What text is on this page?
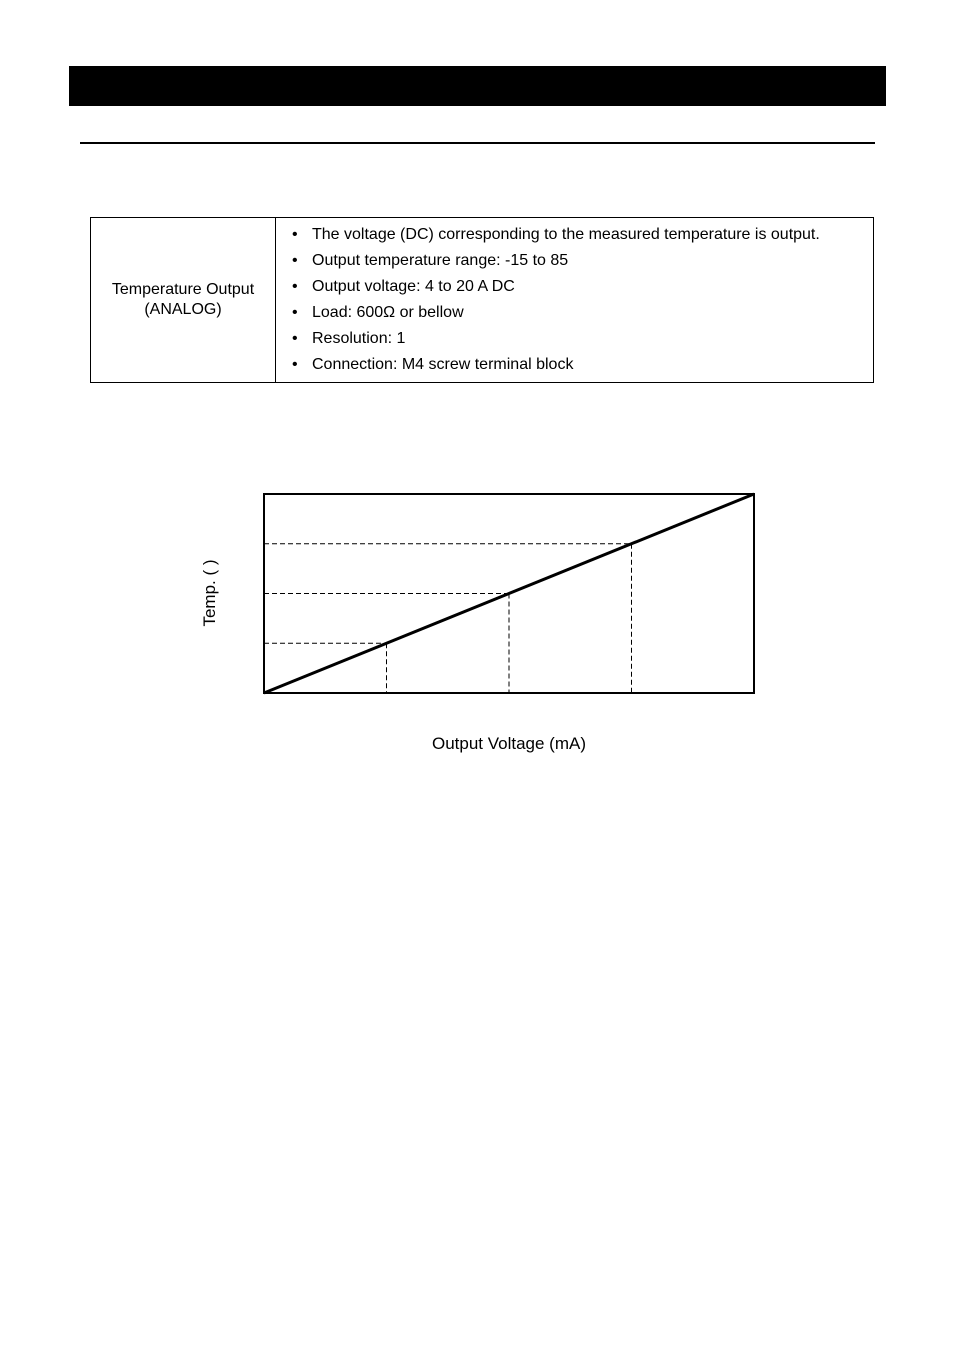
Temperature Output
(ANALOG)

• The voltage (DC) corresponding to the measured temperature is output.
• Output temperature range: -15 to 85
• Output voltage: 4 to 20 A DC
• Load: 600Ω or bellow
• Resolution: 1
• Connection: M4 screw terminal block
Temp. ( )
Output Voltage (mA)
